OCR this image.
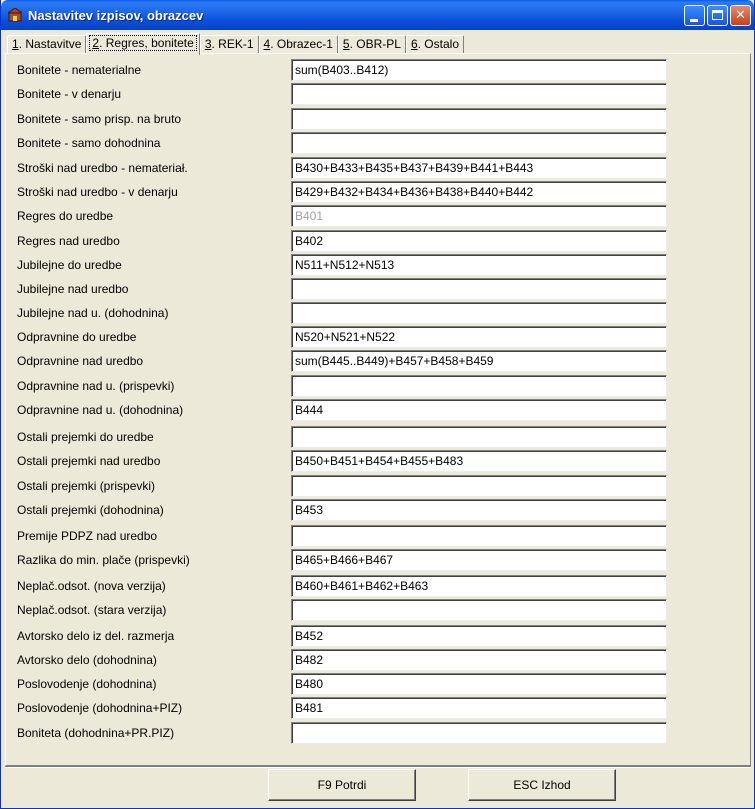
Nastavitev izpisov, obrazcev	✕
1. Nastavitve 2. Regres, bonitete 3. REK-1 4. Obrazec-1 5. OBR-PL 6. Ostalo
Bonitete - nematerialne	sum(B403..B412)
Bonitete - v denarju
Bonitete - samo prisp. na bruto
Bonitete - samo dohodnina
Stroški nad uredbo - nemateriał.	B430+B433+B435+B437+B439+B441+B443
Stroški nad uredbo - v denarju	B429+B432+B434+B436+B438+B440+B442
Regres do uredbe	B401
Regres nad uredbo	B402
Jubilejne do uredbe	N511+N512+N513
Jubilejne nad uredbo
Jubilejne nad u. (dohodnina)
Odpravnine do uredbe	N520+N521+N522
Odpravnine nad uredbo	sum(B445..B449)+B457+B458+B459
Odpravnine nad u. (prispevki)
Odpravnine nad u. (dohodnina)	B444
Ostali prejemki do uredbe
Ostali prejemki nad uredbo	B450+B451+B454+B455+B483
Ostali prejemki (prispevki)
Ostali prejemki (dohodnina)	B453
Premije PDPZ nad uredbo
Razlika do min. plače (prispevki)	B465+B466+B467
Neplač.odsot. (nova verzija)	B460+B461+B462+B463
Neplač.odsot. (stara verzija)
Avtorsko delo iz del. razmerja	B452
Avtorsko delo (dohodnina)	B482
Poslovodenje (dohodnina)	B480
Poslovodenje (dohodnina+PIZ)	B481
Boniteta (dohodnina+PR.PIZ)
F9 Potrdi	ESC Izhod
